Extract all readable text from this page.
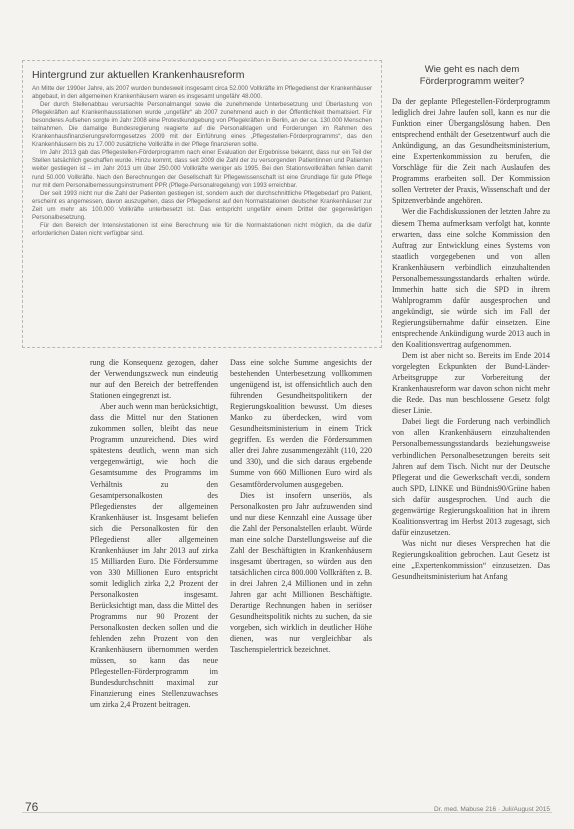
Hintergrund zur aktuellen Krankenhausreform

An Mitte der 1990er Jahre, als 2007 wurden bundesweit insgesamt circa 52.000 Vollkräfte im Pflegedienst der Krankenhäuser abgebaut, in den allgemeinen Krankenhäusern waren es insgesamt ungefähr 48.000.

Der durch Stellenabbau verursachte Personalmangel sowie die zunehmende Unterbesetzung und Überlastung von Pflegekräften auf Krankenhausstationen wurde „ungefähr“ ab 2007 zunehmend auch in der Öffentlichkeit thematisiert. Für besonderes Aufsehen sorgte im Jahr 2008 eine Protestkundgebung von Pflegekräften in Berlin, an der ca. 130.000 Menschen teilnahmen. Die damalige Bundesregierung reagierte auf die Personalklagen und Forderungen im Rahmen des Krankenhausfinanzierungsreformgesetzes 2009 mit der Einführung eines „Pflegestellen-Förderprogramms“, das den Krankenhäusern bis zu 17.000 zusätzliche Vollkräfte in der Pflege finanzieren sollte.

Im Jahr 2013 gab das Pflegestellen-Förderprogramm nach einer Evaluation der Ergebnisse bekannt, dass nur ein Teil der Stellen tatsächlich geschaffen wurde. Hinzu kommt, dass seit 2009 die Zahl der zu versorgenden Patientinnen und Patienten weiter gestiegen ist – im Jahr 2013 um über 250.000 Vollkräfte weniger als 1995. Bei den Stationsvollkräften fehlen damit rund 50.000 Vollkräfte. Nach den Berechnungen der Gesellschaft für Pflegewissenschaft ist eine Grundlage für gute Pflege nur mit dem Personalbemessungsinstrument PPR (Pflege-Personalregelung) von 1993 erreichbar.

Der seit 1993 nicht nur die Zahl der Patienten gestiegen ist, sondern auch der durchschnittliche Pflegebedarf pro Patient, erscheint es angemessen, davon auszugehen, dass der Pflegedienst auf den Normalstationen deutscher Krankenhäuser zur Zeit um mehr als 100.000 Vollkräfte unterbesetzt ist. Das entspricht ungefähr einem Drittel der gegenwärtigen Personalbesetzung.

Für den Bereich der Intensivstationen ist eine Berechnung wie für die Normalstationen nicht möglich, da die dafür erforderlichen Daten nicht verfügbar sind.

Wie geht es nach dem Förderprogramm weiter?

Da der geplante Pflegestellen-Förderprogramm lediglich drei Jahre laufen soll, kann es nur die Funktion einer Übergangslösung haben. Den entsprechend enthält der Gesetzentwurf auch die Ankündigung, an das Gesundheitsministerium, eine Expertenkommission zu berufen, die Vorschläge für die Zeit nach Auslaufen des Programms erarbeiten soll. Der Kommission sollen Vertreter der Praxis, Wissenschaft und der Spitzenverbände angehören.

Wer die Fachdiskussionen der letzten Jahre zu diesem Thema aufmerksam verfolgt hat, konnte erwarten, dass eine solche Kommission den Auftrag zur Entwicklung eines Systems von staatlich vorgegebenen und von allen Krankenhäusern verbindlich einzuhaltenden Personalbemessungsstandards erhalten würde. Immerhin hatte sich die SPD in ihrem Wahlprogramm dafür ausgesprochen und angekündigt, sie würde sich im Fall der Regierungsübernahme dafür einsetzen. Eine entsprechende Ankündigung wurde 2013 auch in den Koalitionsvertrag aufgenommen.

Dem ist aber nicht so. Bereits im Ende 2014 vorgelegten Eckpunkten der Bund-Länder-Arbeitsgruppe zur Vorbereitung der Krankenhausreform war davon schon nicht mehr die Rede. Das nun beschlossene Gesetz folgt dieser Linie.

Dabei liegt die Forderung nach verbindlich von allen Krankenhäusern einzuhaltenden Personalbemessungsstandards beziehungsweise verbindlichen Personalbesetzungen bereits seit Jahren auf dem Tisch. Nicht nur der Deutsche Pflegerat und die Gewerkschaft ver.di, sondern auch SPD, LINKE und Bündnis90/Grüne haben sich dafür ausgesprochen. Und auch die gegenwärtige Regierungskoalition hat in ihrem Koalitionsvertrag im Herbst 2013 zugesagt, sich dafür einzusetzen.

Was nicht nur dieses Versprechen hat die Regierungskoalition gebrochen. Laut Gesetz ist eine „Expertenkommission“ einzusetzen. Das Gesundheitsministerium hat Anfang

rung die Konsequenz gezogen, daher der Verwendungszweck nun eindeutig nur auf den Bereich der betreffenden Stationen eingegrenzt ist.

Aber auch wenn man berücksichtigt, dass die Mittel nur den Stationen zukommen sollen, bleibt das neue Programm unzureichend. Dies wird spätestens deutlich, wenn man sich vergegenwärtigt, wie hoch die Gesamtsumme des Programms im Verhältnis zu den Gesamtpersonalkosten des Pflegedienstes der allgemeinen Krankenhäuser ist. Insgesamt beliefen sich die Personalkosten für den Pflegedienst aller allgemeinen Krankenhäuser im Jahr 2013 auf zirka 15 Milliarden Euro. Die Fördersumme von 330 Millionen Euro entspricht somit lediglich zirka 2,2 Prozent der Personalkosten insgesamt. Berücksichtigt man, dass die Mittel des Programms nur 90 Prozent der Personalkosten decken sollen und die fehlenden zehn Prozent von den Krankenhäusern übernommen werden müssen, so kann das neue Pflegestellen-Förderprogramm im Bundesdurchschnitt maximal zur Finanzierung eines Stellenzuwachses um zirka 2,4 Prozent beitragen.

Dass eine solche Summe angesichts der bestehenden Unterbesetzung vollkommen ungenügend ist, ist offensichtlich auch den führenden Gesundheitspolitikern der Regierungskoalition bewusst. Um dieses Manko zu überdecken, wird vom Gesundheitsministerium in einem Trick gegriffen. Es werden die Fördersummen aller drei Jahre zusammengezählt (110, 220 und 330), und die sich daraus ergebende Summe von 660 Millionen Euro wird als Gesamtfördervolumen ausgegeben.

Dies ist insofern unseriös, als Personalkosten pro Jahr aufzuwenden sind und nur diese Kennzahl eine Aussage über die Zahl der Personalstellen erlaubt. Würde man eine solche Darstellungsweise auf die Zahl der Beschäftigten in Krankenhäusern insgesamt übertragen, so würden aus den tatsächlichen circa 800.000 Vollkräften z. B. in drei Jahren 2,4 Millionen und in zehn Jahren gar acht Millionen Beschäftigte. Derartige Rechnungen haben in seriöser Gesundheitspolitik nichts zu suchen, da sie vorgeben, sich wirklich in deutlicher Höhe dienen, was nur vergleichbar als Taschenspielertrick bezeichnet.

76	Dr. med. Mabuse 216 · Juli/August 2015
